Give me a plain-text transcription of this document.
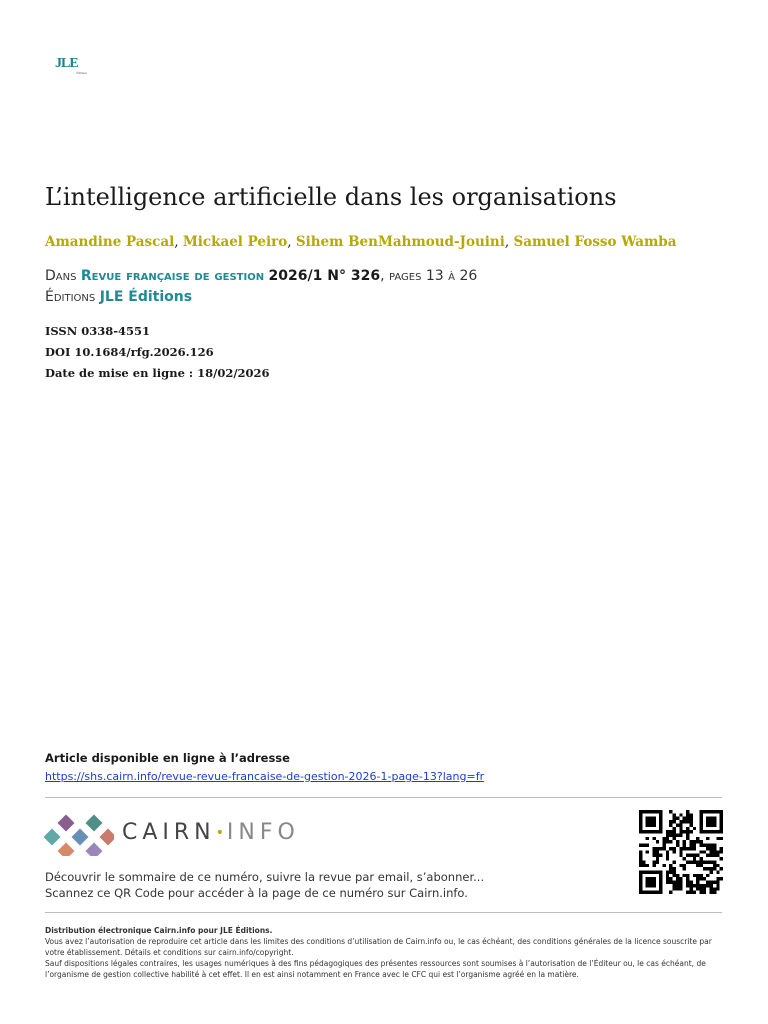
JLE
Éditions
L’intelligence artificielle dans les organisations
Amandine Pascal, Mickael Peiro, Sihem BenMahmoud-Jouini, Samuel Fosso Wamba
Dans Revue française de gestion 2026/1 N° 326, pages 13 à 26
Éditions JLE Éditions
ISSN 0338-4551
DOI 10.1684/rfg.2026.126
Date de mise en ligne : 18/02/2026
Article disponible en ligne à l’adresse
https://shs.cairn.info/revue-revue-francaise-de-gestion-2026-1-page-13?lang=fr
CAIRN•INFO
Découvrir le sommaire de ce numéro, suivre la revue par email, s’abonner...
Scannez ce QR Code pour accéder à la page de ce numéro sur Cairn.info.
Distribution électronique Cairn.info pour JLE Éditions.
Vous avez l’autorisation de reproduire cet article dans les limites des conditions d’utilisation de Cairn.info ou, le cas échéant, des conditions générales de la licence souscrite par votre établissement. Détails et conditions sur cairn.info/copyright.
Sauf dispositions légales contraires, les usages numériques à des fins pédagogiques des présentes ressources sont soumises à l’autorisation de l’Éditeur ou, le cas échéant, de l’organisme de gestion collective habilité à cet effet. Il en est ainsi notamment en France avec le CFC qui est l’organisme agréé en la matière.
